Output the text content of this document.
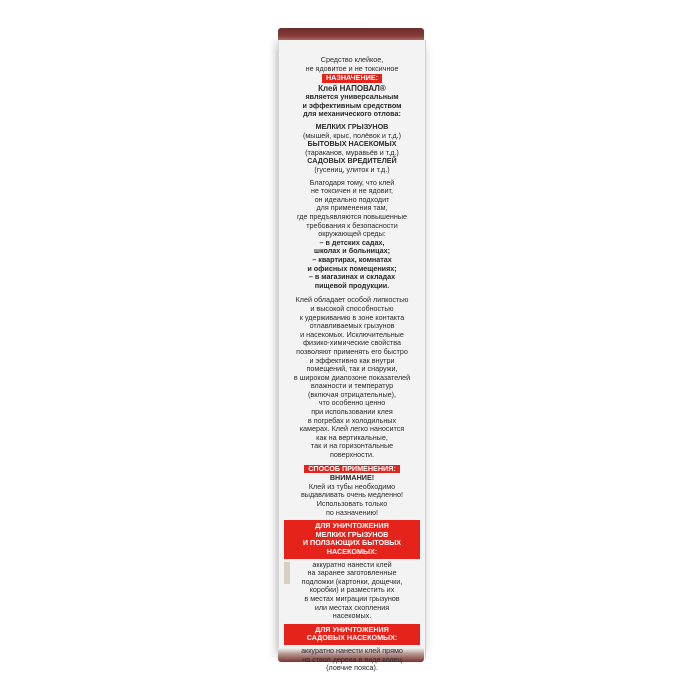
Средство клейкое,
не ядовитое и не токсичное
НАЗНАЧЕНИЕ:
Клей НАПОВАЛ®
является универсальным
и эффективным средством
для механического отлова:
МЕЛКИХ ГРЫЗУНОВ
(мышей, крыс, полёвок и т.д.)
БЫТОВЫХ НАСЕКОМЫХ
(тараканов, муравьёв и т.д.)
САДОВЫХ ВРЕДИТЕЛЕЙ
(гусениц, улиток и т.д.)
Благодаря тому, что клей
не токсичен и не ядовит,
он идеально подходит
для применения там,
где предъявляются повышенные
требования к безопасности
окружающей среды:
– в детских садах,
школах и больницах;
– квартирах, комнатах
и офисных помещениях;
– в магазинах и складах
пищевой продукции.
Клей обладает особой липкостью
и высокой способностью
к удерживанию в зоне контакта
отлавливаемых грызунов
и насекомых. Исключительные
физико-химические свойства
позволяют применять его быстро
и эффективно как внутри
помещений, так и снаружи,
в широком диапозоне показателей
влажности и температур
(включая отрицательные),
что особенно ценно
при использовании клея
в погребах и холодильных
камерах. Клей легко наносится
как на вертикальные,
так и на горизонтальные
поверхности.
СПОСОБ ПРИМЕНЕНИЯ:
ВНИМАНИЕ!
Клей из тубы необходимо
выдавливать очень медленно!
Использовать только
по назначению!
ДЛЯ УНИЧТОЖЕНИЯ
МЕЛКИХ ГРЫЗУНОВ
И ПОЛЗАЮЩИХ БЫТОВЫХ
НАСЕКОМЫХ:
аккуратно нанести клей
на заранее заготовленные
подложки (картонки, дощечки,
коробки) и разместить их
в местах миграции грызунов
или местах скопления
насекомых.
ДЛЯ УНИЧТОЖЕНИЯ
САДОВЫХ НАСЕКОМЫХ:
аккуратно нанести клей прямо
на ствол дерева в виде колец
(ловчие пояса).
